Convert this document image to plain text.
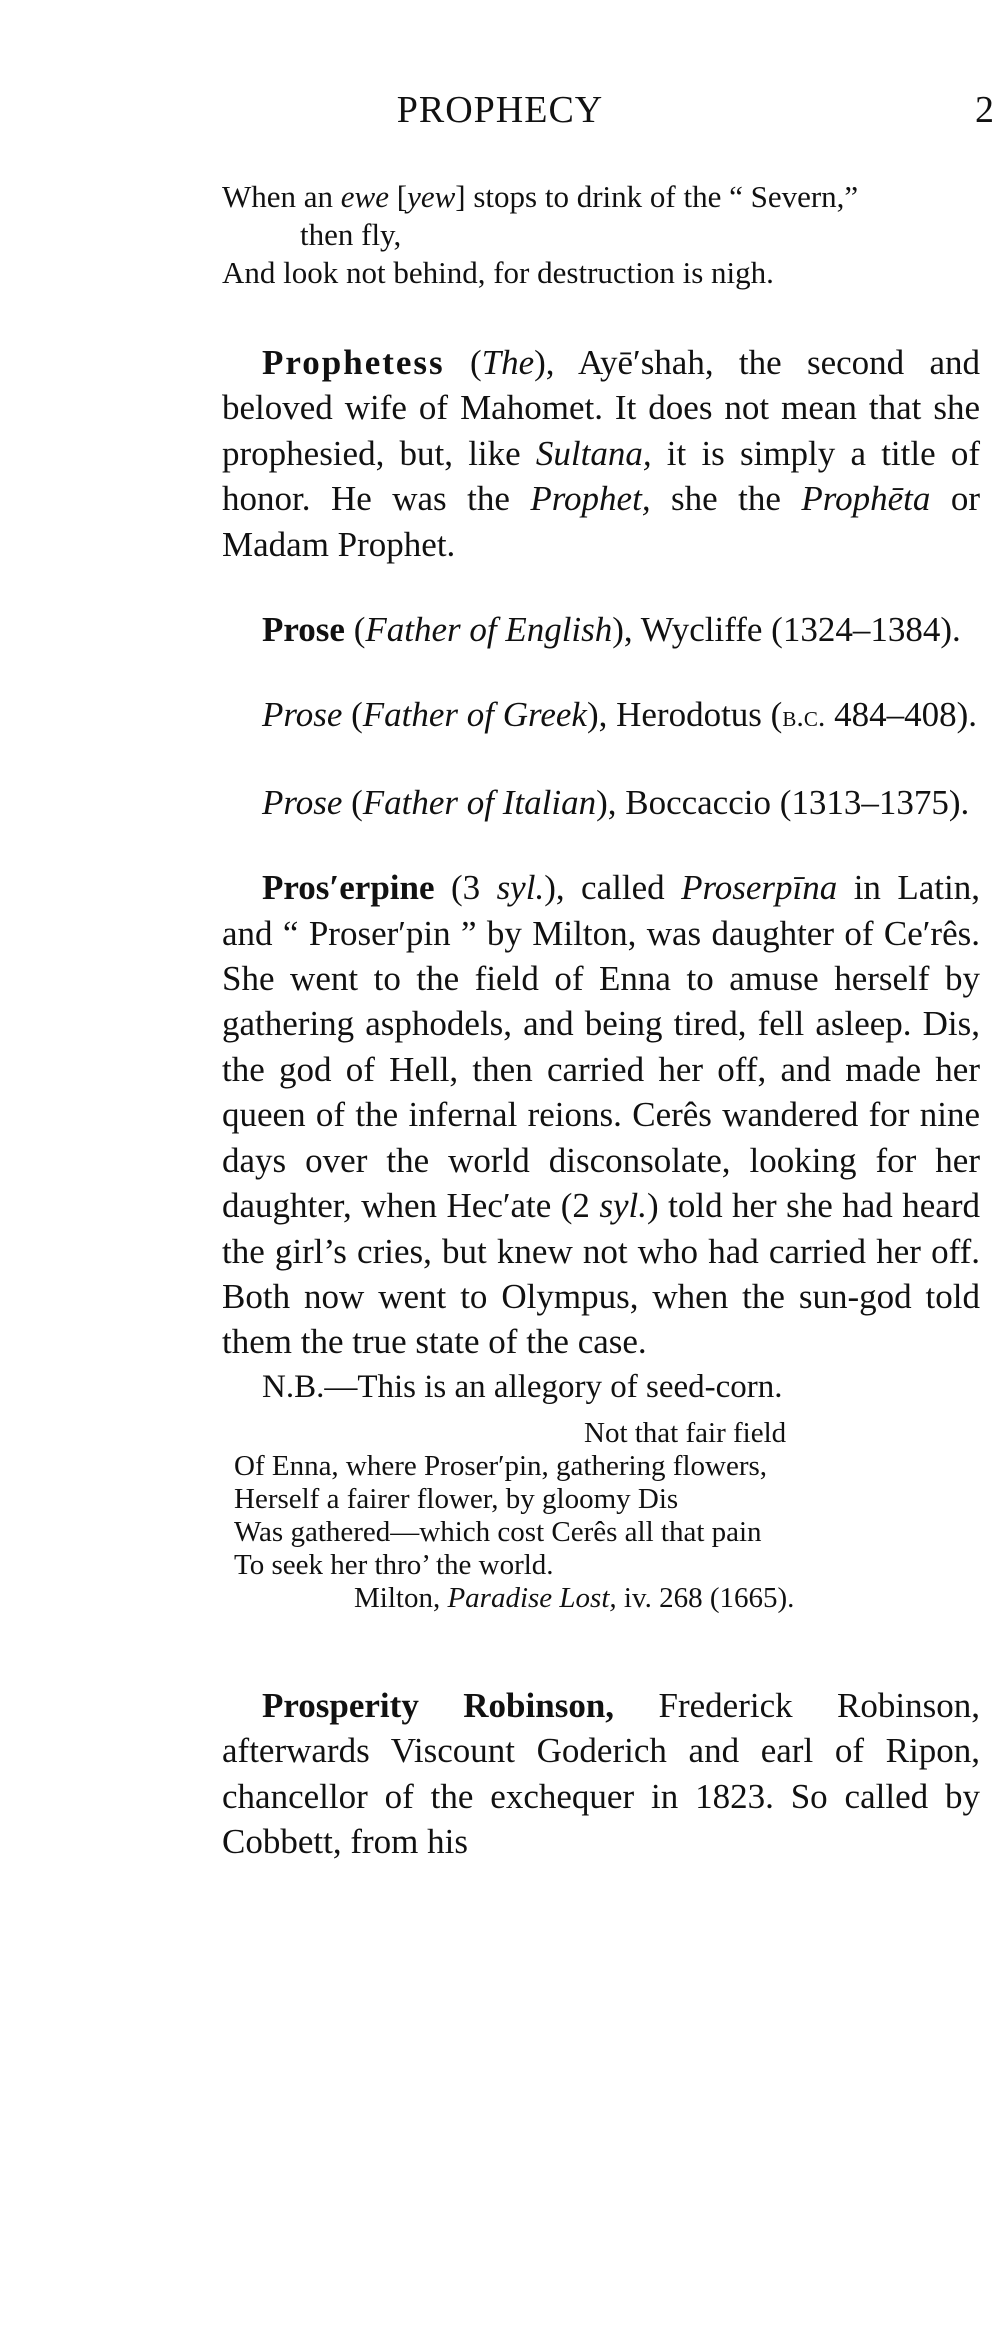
PROPHECY	2
When an ewe [yew] stops to drink of the “ Severn,”
then fly,
And look not behind, for destruction is nigh.

Prophetess (The), Ayē′shah, the second and beloved wife of Mahomet. It does not mean that she prophesied, but, like Sultana, it is simply a title of honor. He was the Prophet, she the Prophēta or Madam Prophet.

Prose (Father of English), Wycliffe (1324–1384).

Prose (Father of Greek), Herodotus (b.c. 484–408).

Prose (Father of Italian), Boccaccio (1313–1375).

Pros′erpine (3 syl.), called Proserpīna in Latin, and “ Proser′pin ” by Milton, was daughter of Ce′rês. She went to the field of Enna to amuse herself by gathering asphodels, and being tired, fell asleep. Dis, the god of Hell, then carried her off, and made her queen of the infernal reions. Cerês wandered for nine days over the world disconsolate, looking for her daughter, when Hec′ate (2 syl.) told her she had heard the girl’s cries, but knew not who had carried her off. Both now went to Olympus, when the sun-god told them the true state of the case.

N.B.—This is an allegory of seed-corn.

Not that fair field
Of Enna, where Proser′pin, gathering flowers,
Herself a fairer flower, by gloomy Dis
Was gathered—which cost Cerês all that pain
To seek her thro’ the world.
Milton, Paradise Lost, iv. 268 (1665).

Prosperity Robinson, Frederick Robinson, afterwards Viscount Goderich and earl of Ripon, chancellor of the exchequer in 1823. So called by Cobbett, from his
